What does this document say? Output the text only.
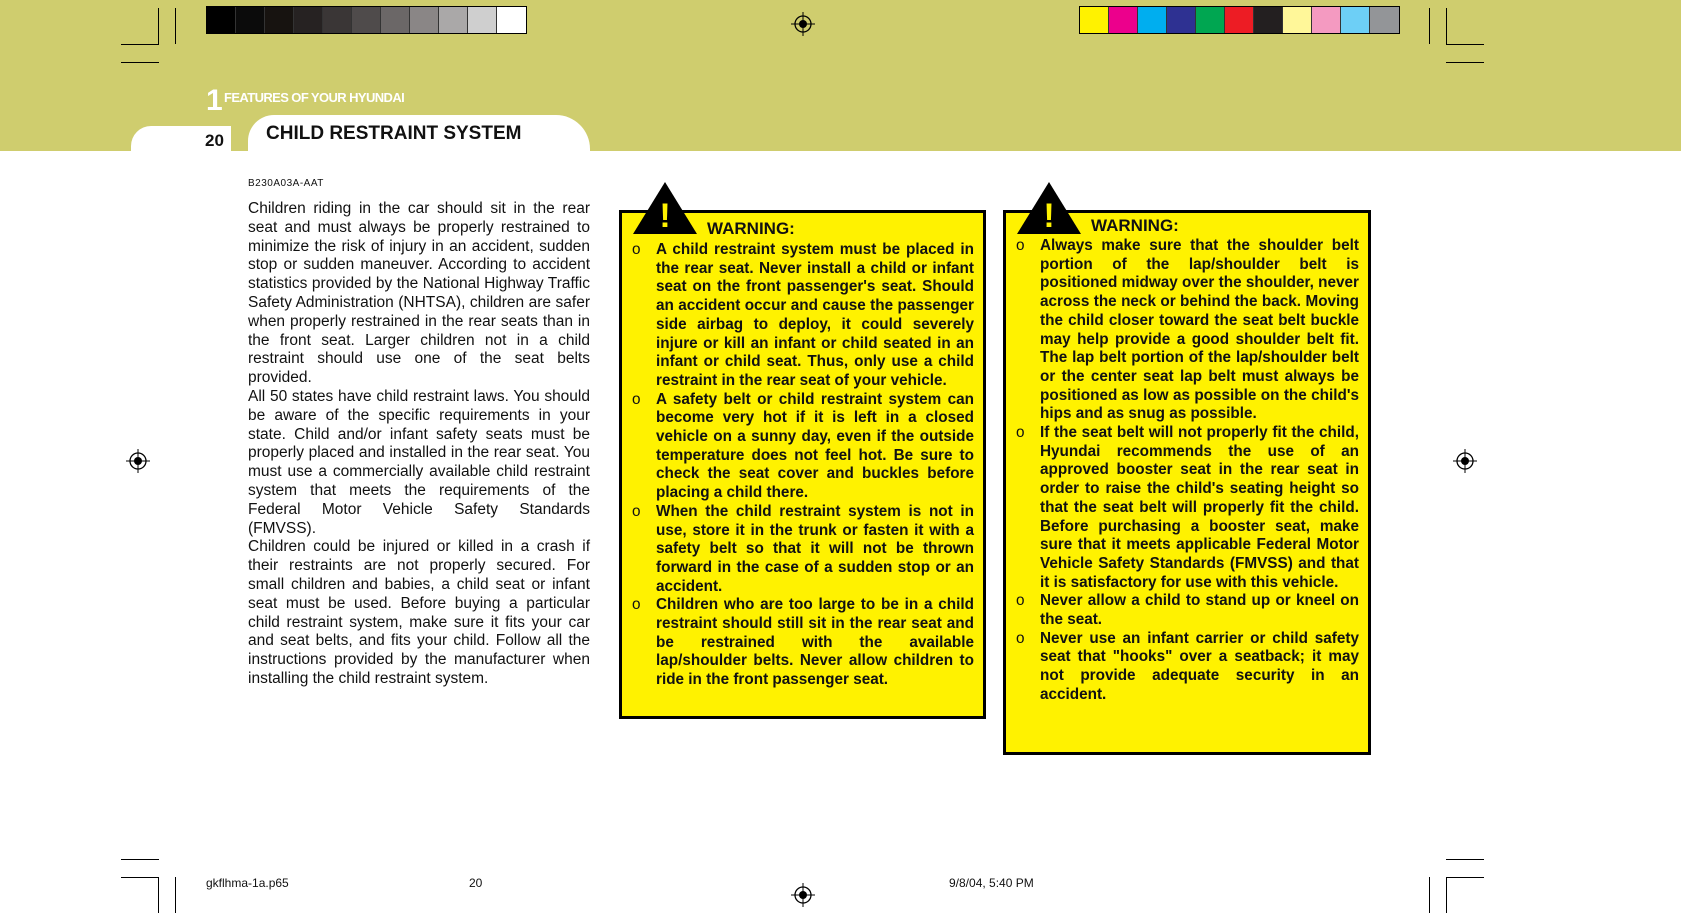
1 FEATURES OF YOUR HYUNDAI
20 CHILD RESTRAINT SYSTEM
B230A03A-AAT

Children riding in the car should sit in the rear seat and must always be properly restrained to minimize the risk of injury in an accident, sudden stop or sudden maneuver. According to accident statistics provided by the National Highway Traffic Safety Administration (NHTSA), children are safer when properly restrained in the rear seats than in the front seat. Larger children not in a child restraint should use one of the seat belts provided.

All 50 states have child restraint laws. You should be aware of the specific requirements in your state. Child and/or infant safety seats must be properly placed and installed in the rear seat. You must use a commercially available child restraint system that meets the requirements of the Federal Motor Vehicle Safety Standards (FMVSS).

Children could be injured or killed in a crash if their restraints are not properly secured. For small children and babies, a child seat or infant seat must be used. Before buying a particular child restraint system, make sure it fits your car and seat belts, and fits your child. Follow all the instructions provided by the manufacturer when installing the child restraint system.

! WARNING:
o A child restraint system must be placed in the rear seat. Never install a child or infant seat on the front passenger's seat. Should an accident occur and cause the passenger side airbag to deploy, it could severely injure or kill an infant or child seated in an infant or child seat. Thus, only use a child restraint in the rear seat of your vehicle.
o A safety belt or child restraint system can become very hot if it is left in a closed vehicle on a sunny day, even if the outside temperature does not feel hot. Be sure to check the seat cover and buckles before placing a child there.
o When the child restraint system is not in use, store it in the trunk or fasten it with a safety belt so that it will not be thrown forward in the case of a sudden stop or an accident.
o Children who are too large to be in a child restraint should still sit in the rear seat and be restrained with the available lap/shoulder belts. Never allow children to ride in the front passenger seat.
! WARNING:
o Always make sure that the shoulder belt portion of the lap/shoulder belt is positioned midway over the shoulder, never across the neck or behind the back. Moving the child closer toward the seat belt buckle may help provide a good shoulder belt fit. The lap belt portion of the lap/shoulder belt or the center seat lap belt must always be positioned as low as possible on the child's hips and as snug as possible.
o If the seat belt will not properly fit the child, Hyundai recommends the use of an approved booster seat in the rear seat in order to raise the child's seating height so that the seat belt will properly fit the child. Before purchasing a booster seat, make sure that it meets applicable Federal Motor Vehicle Safety Standards (FMVSS) and that it is satisfactory for use with this vehicle.
o Never allow a child to stand up or kneel on the seat.
o Never use an infant carrier or child safety seat that "hooks" over a seatback; it may not provide adequate security in an accident.
gkflhma-1a.p65	20	9/8/04, 5:40 PM
